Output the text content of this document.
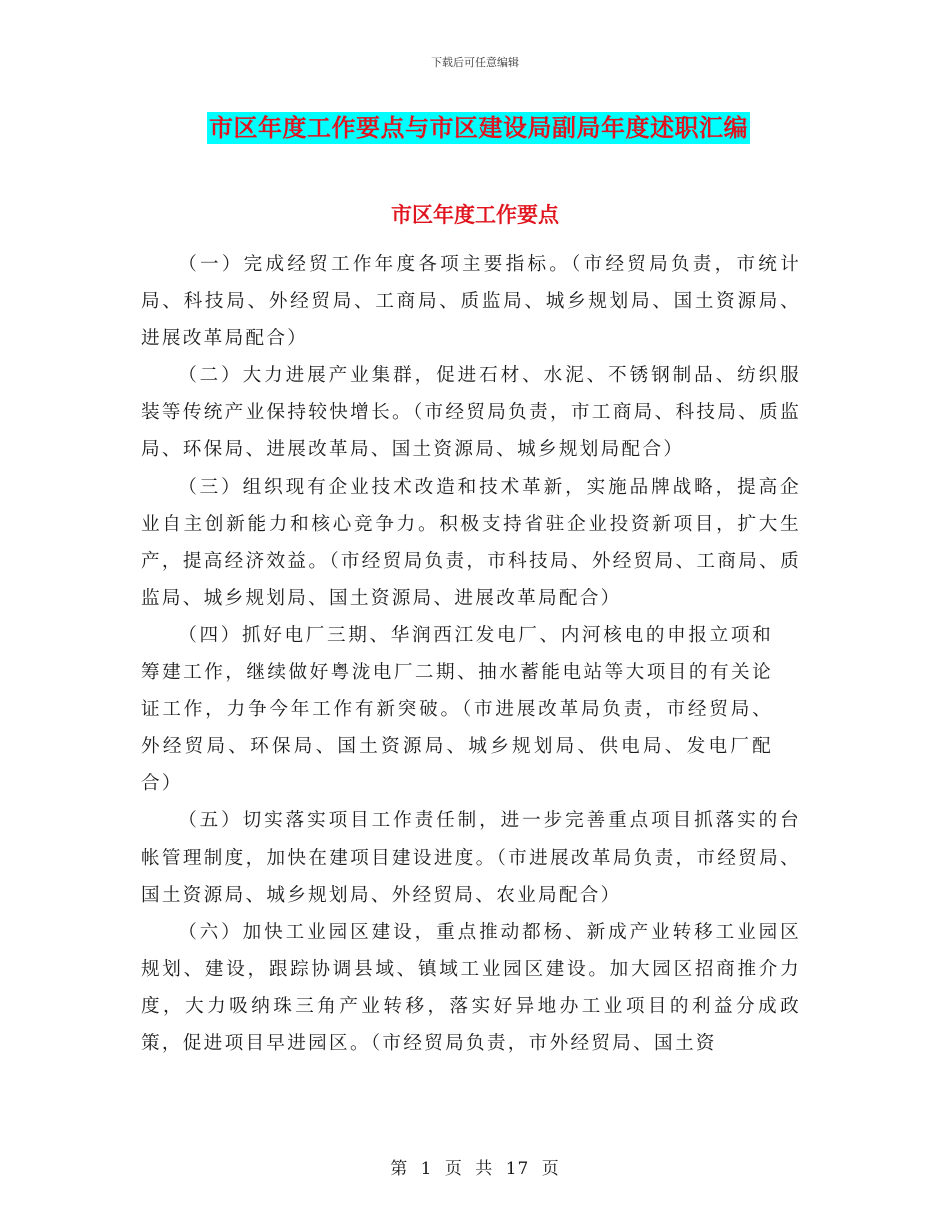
下载后可任意编辑
市区年度工作要点与市区建设局副局年度述职汇编
市区年度工作要点

（一）完成经贸工作年度各项主要指标。（市经贸局负责，市统计局、科技局、外经贸局、工商局、质监局、城乡规划局、国土资源局、进展改革局配合）

（二）大力进展产业集群，促进石材、水泥、不锈钢制品、纺织服装等传统产业保持较快增长。（市经贸局负责，市工商局、科技局、质监局、环保局、进展改革局、国土资源局、城乡规划局配合）

（三）组织现有企业技术改造和技术革新，实施品牌战略，提高企业自主创新能力和核心竞争力。积极支持省驻企业投资新项目，扩大生产，提高经济效益。（市经贸局负责，市科技局、外经贸局、工商局、质监局、城乡规划局、国土资源局、进展改革局配合）

（四）抓好电厂三期、华润西江发电厂、内河核电的申报立项和筹建工作，继续做好粤泷电厂二期、抽水蓄能电站等大项目的有关论证工作，力争今年工作有新突破。（市进展改革局负责，市经贸局、外经贸局、环保局、国土资源局、城乡规划局、供电局、发电厂配合）

（五）切实落实项目工作责任制，进一步完善重点项目抓落实的台帐管理制度，加快在建项目建设进度。（市进展改革局负责，市经贸局、国土资源局、城乡规划局、外经贸局、农业局配合）

（六）加快工业园区建设，重点推动都杨、新成产业转移工业园区规划、建设，跟踪协调县域、镇域工业园区建设。加大园区招商推介力度，大力吸纳珠三角产业转移，落实好异地办工业项目的利益分成政策，促进项目早进园区。（市经贸局负责，市外经贸局、国土资

第 1 页 共 17 页
